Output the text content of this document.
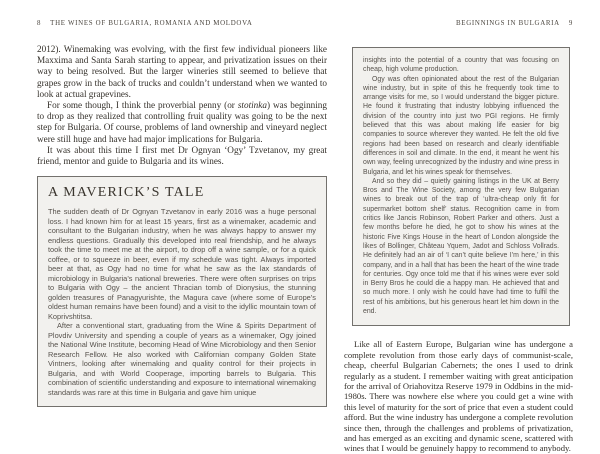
8 THE WINES OF BULGARIA, ROMANIA AND MOLDOVA

2012). Winemaking was evolving, with the first few individual pioneers like Maxxima and Santa Sarah starting to appear, and privatization issues on their way to being resolved. But the larger wineries still seemed to believe that grapes grow in the back of trucks and couldn’t understand when we wanted to look at actual grapevines.

For some though, I think the proverbial penny (or stotinka) was beginning to drop as they realized that controlling fruit quality was going to be the next step for Bulgaria. Of course, problems of land ownership and vineyard neglect were still huge and have had major implications for Bulgaria.

It was about this time I first met Dr Ognyan ‘Ogy’ Tzvetanov, my great friend, mentor and guide to Bulgaria and its wines.

A MAVERICK’S TALE

The sudden death of Dr Ognyan Tzvetanov in early 2016 was a huge personal loss. I had known him for at least 15 years, first as a winemaker, academic and consultant to the Bulgarian industry, when he was always happy to answer my endless questions. Gradually this developed into real friendship, and he always took the time to meet me at the airport, to drop off a wine sample, or for a quick coffee, or to squeeze in beer, even if my schedule was tight. Always imported beer at that, as Ogy had no time for what he saw as the lax standards of microbiology in Bulgaria’s national breweries. There were often surprises on trips to Bulgaria with Ogy – the ancient Thracian tomb of Dionysius, the stunning golden treasures of Panagyurishte, the Magura cave (where some of Europe’s oldest human remains have been found) and a visit to the idyllic mountain town of Koprivshtitsa.

After a conventional start, graduating from the Wine & Spirits Department of Plovdiv University and spending a couple of years as a winemaker, Ogy joined the National Wine Institute, becoming Head of Wine Microbiology and then Senior Research Fellow. He also worked with Californian company Golden State Vintners, looking after winemaking and quality control for their projects in Bulgaria, and with World Cooperage, importing barrels to Bulgaria. This combination of scientific understanding and exposure to international winemaking standards was rare at this time in Bulgaria and gave him unique

BEGINNINGS IN BULGARIA 9

insights into the potential of a country that was focusing on cheap, high volume production.

Ogy was often opinionated about the rest of the Bulgarian wine industry, but in spite of this he frequently took time to arrange visits for me, so I would understand the bigger picture. He found it frustrating that industry lobbying influenced the division of the country into just two PGI regions. He firmly believed that this was about making life easier for big companies to source wherever they wanted. He felt the old five regions had been based on research and clearly identifiable differences in soil and climate. In the end, it meant he went his own way, feeling unrecognized by the industry and wine press in Bulgaria, and let his wines speak for themselves.

And so they did – quietly gaining listings in the UK at Berry Bros and The Wine Society, among the very few Bulgarian wines to break out of the trap of ‘ultra-cheap only fit for supermarket bottom shelf’ status. Recognition came in from critics like Jancis Robinson, Robert Parker and others. Just a few months before he died, he got to show his wines at the historic Five Kings House in the heart of London alongside the likes of Bollinger, Château Yquem, Jadot and Schloss Vollrads. He definitely had an air of ‘I can’t quite believe I’m here,’ in this company, and in a hall that has been the heart of the wine trade for centuries. Ogy once told me that if his wines were ever sold in Berry Bros he could die a happy man. He achieved that and so much more. I only wish he could have had time to fulfil the rest of his ambitions, but his generous heart let him down in the end.

Like all of Eastern Europe, Bulgarian wine has undergone a complete revolution from those early days of communist-scale, cheap, cheerful Bulgarian Cabernets; the ones I used to drink regularly as a student. I remember waiting with great anticipation for the arrival of Oriahovitza Reserve 1979 in Oddbins in the mid-1980s. There was nowhere else where you could get a wine with this level of maturity for the sort of price that even a student could afford. But the wine industry has undergone a complete revolution since then, through the challenges and problems of privatization, and has emerged as an exciting and dynamic scene, scattered with wines that I would be genuinely happy to recommend to anybody.
